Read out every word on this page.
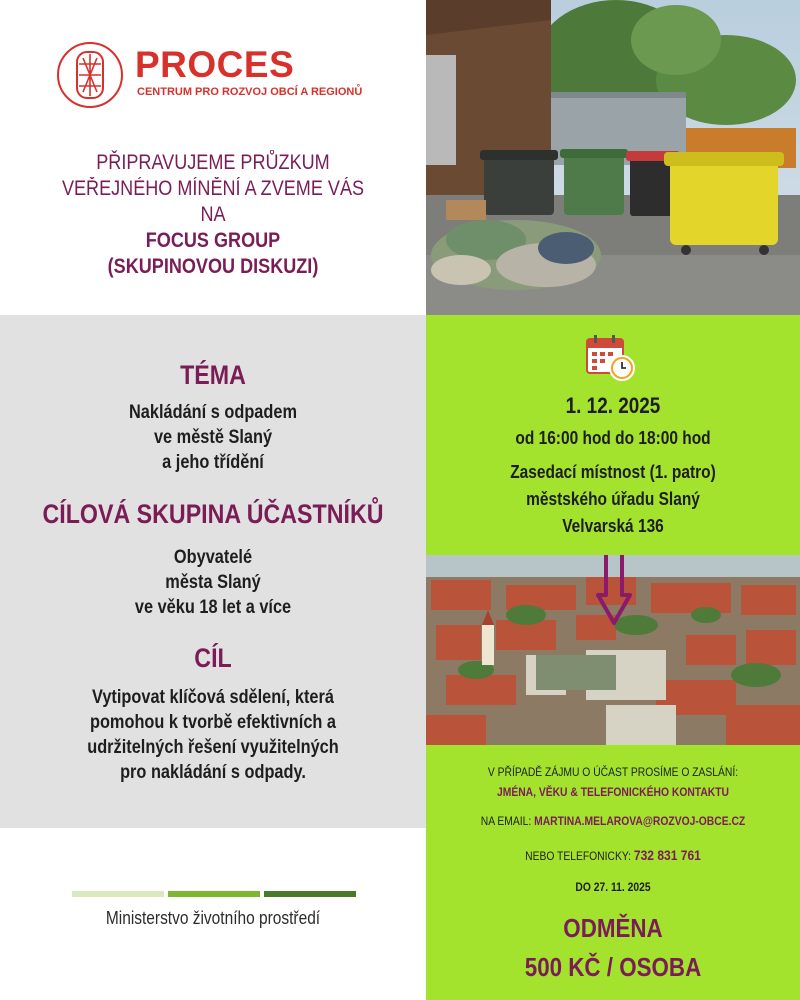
PROCES
CENTRUM PRO ROZVOJ OBCÍ A REGIONŮ
PŘIPRAVUJEME PRŮZKUM
VEŘEJNÉHO MÍNĚNÍ A ZVEME VÁS NA
FOCUS GROUP
(SKUPINOVOU DISKUZI)
TÉMA
Nakládání s odpadem
ve městě Slaný
a jeho třídění
CÍLOVÁ SKUPINA ÚČASTNÍKŮ
Obyvatelé
města Slaný
ve věku 18 let a více
CÍL
Vytipovat klíčová sdělení, která
pomohou k tvorbě efektivních a
udržitelných řešení využitelných
pro nakládání s odpady.
Ministerstvo životního prostředí
1. 12. 2025
od 16:00 hod do 18:00 hod
Zasedací místnost (1. patro)
městského úřadu Slaný
Velvarská 136
V PŘÍPADĚ ZÁJMU O ÚČAST PROSÍME O ZASLÁNÍ:
JMÉNA, VĚKU & TELEFONICKÉHO KONTAKTU
NA EMAIL: MARTINA.MELAROVA@ROZVOJ-OBCE.CZ
NEBO TELEFONICKY: 732 831 761
DO 27. 11. 2025
ODMĚNA
500 KČ / OSOBA
